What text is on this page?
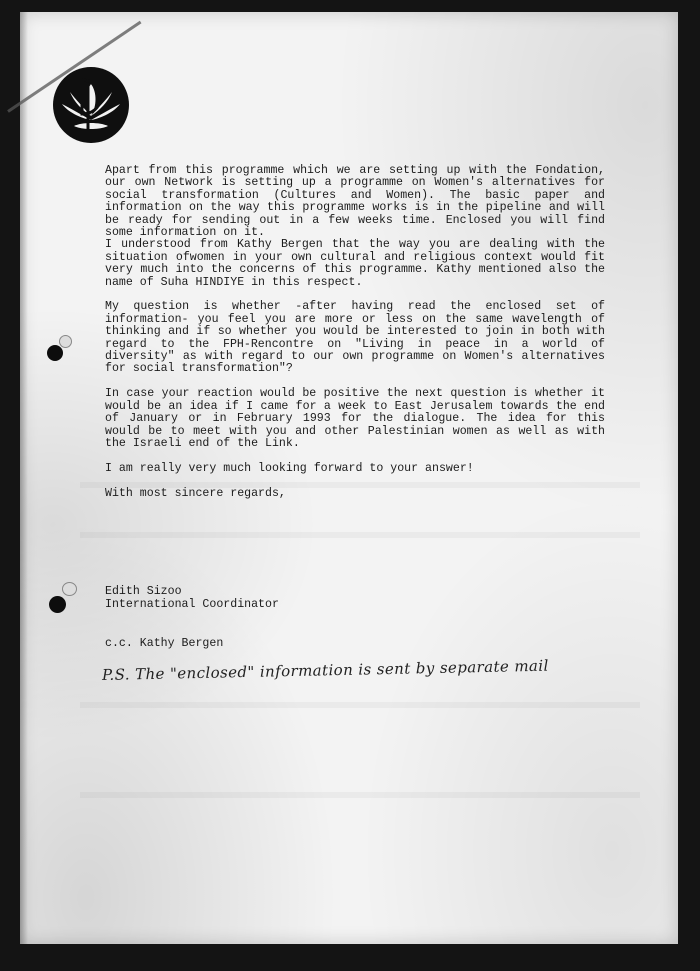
Apart from this programme which we are setting up with the Fondation, our own Network is setting up a programme on Women's alternatives for social transformation (Cultures and Women). The basic paper and information on the way this programme works is in the pipeline and will be ready for sending out in a few weeks time. Enclosed you will find some information on it.

I understood from Kathy Bergen that the way you are dealing with the situation ofwomen in your own cultural and religious context would fit very much into the concerns of this programme. Kathy mentioned also the name of Suha HINDIYE in this respect.

My question is whether -after having read the enclosed set of information- you feel you are more or less on the same wavelength of thinking and if so whether you would be interested to join in both with regard to the FPH-Rencontre on "Living in peace in a world of diversity" as with regard to our own programme on Women's alternatives for social transformation"?

In case your reaction would be positive the next question is whether it would be an idea if I came for a week to East Jerusalem towards the end of January or in February 1993 for the dialogue. The idea for this would be to meet with you and other Palestinian women as well as with the Israeli end of the Link.

I am really very much looking forward to your answer!

With most sincere regards,

Edith Sizoo
International Coordinator
c.c. Kathy Bergen
P.S. The "enclosed" information is sent by separate mail
